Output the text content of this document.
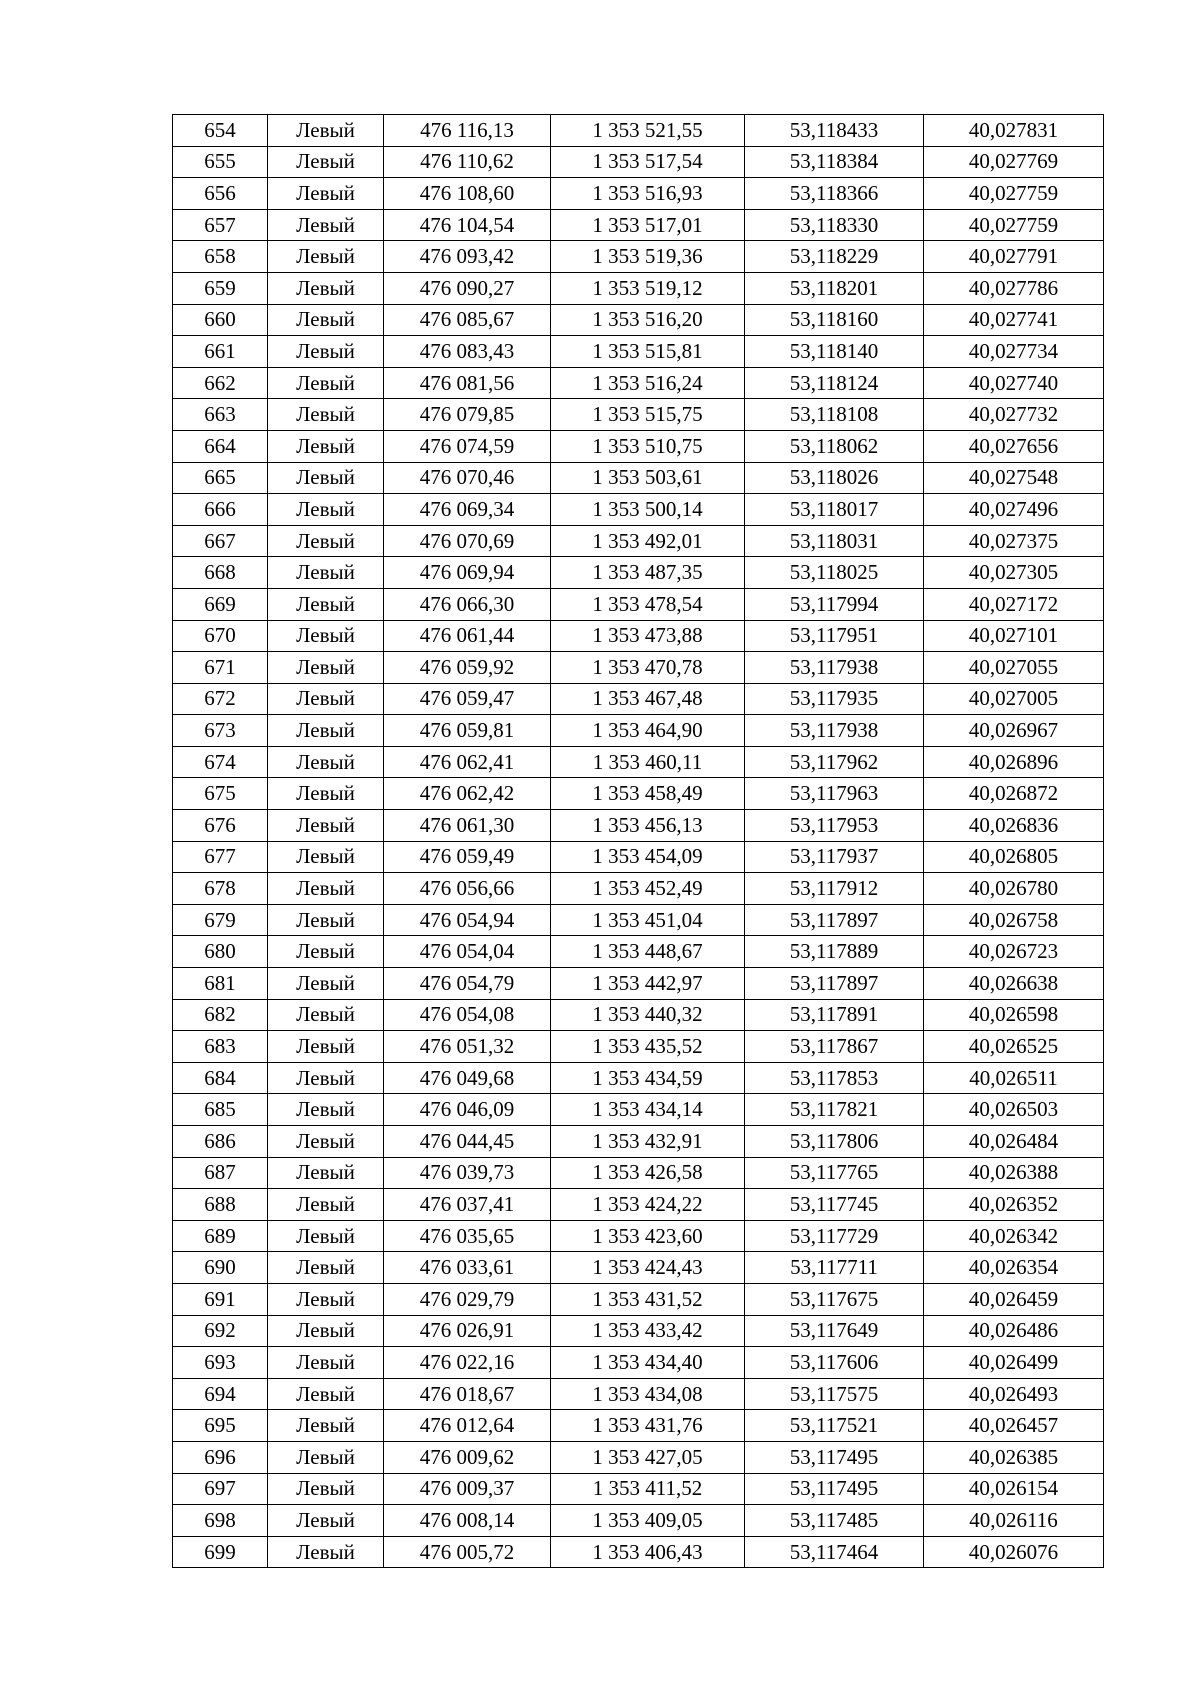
654	Левый	476 116,13	1 353 521,55	53,118433	40,027831
655	Левый	476 110,62	1 353 517,54	53,118384	40,027769
656	Левый	476 108,60	1 353 516,93	53,118366	40,027759
657	Левый	476 104,54	1 353 517,01	53,118330	40,027759
658	Левый	476 093,42	1 353 519,36	53,118229	40,027791
659	Левый	476 090,27	1 353 519,12	53,118201	40,027786
660	Левый	476 085,67	1 353 516,20	53,118160	40,027741
661	Левый	476 083,43	1 353 515,81	53,118140	40,027734
662	Левый	476 081,56	1 353 516,24	53,118124	40,027740
663	Левый	476 079,85	1 353 515,75	53,118108	40,027732
664	Левый	476 074,59	1 353 510,75	53,118062	40,027656
665	Левый	476 070,46	1 353 503,61	53,118026	40,027548
666	Левый	476 069,34	1 353 500,14	53,118017	40,027496
667	Левый	476 070,69	1 353 492,01	53,118031	40,027375
668	Левый	476 069,94	1 353 487,35	53,118025	40,027305
669	Левый	476 066,30	1 353 478,54	53,117994	40,027172
670	Левый	476 061,44	1 353 473,88	53,117951	40,027101
671	Левый	476 059,92	1 353 470,78	53,117938	40,027055
672	Левый	476 059,47	1 353 467,48	53,117935	40,027005
673	Левый	476 059,81	1 353 464,90	53,117938	40,026967
674	Левый	476 062,41	1 353 460,11	53,117962	40,026896
675	Левый	476 062,42	1 353 458,49	53,117963	40,026872
676	Левый	476 061,30	1 353 456,13	53,117953	40,026836
677	Левый	476 059,49	1 353 454,09	53,117937	40,026805
678	Левый	476 056,66	1 353 452,49	53,117912	40,026780
679	Левый	476 054,94	1 353 451,04	53,117897	40,026758
680	Левый	476 054,04	1 353 448,67	53,117889	40,026723
681	Левый	476 054,79	1 353 442,97	53,117897	40,026638
682	Левый	476 054,08	1 353 440,32	53,117891	40,026598
683	Левый	476 051,32	1 353 435,52	53,117867	40,026525
684	Левый	476 049,68	1 353 434,59	53,117853	40,026511
685	Левый	476 046,09	1 353 434,14	53,117821	40,026503
686	Левый	476 044,45	1 353 432,91	53,117806	40,026484
687	Левый	476 039,73	1 353 426,58	53,117765	40,026388
688	Левый	476 037,41	1 353 424,22	53,117745	40,026352
689	Левый	476 035,65	1 353 423,60	53,117729	40,026342
690	Левый	476 033,61	1 353 424,43	53,117711	40,026354
691	Левый	476 029,79	1 353 431,52	53,117675	40,026459
692	Левый	476 026,91	1 353 433,42	53,117649	40,026486
693	Левый	476 022,16	1 353 434,40	53,117606	40,026499
694	Левый	476 018,67	1 353 434,08	53,117575	40,026493
695	Левый	476 012,64	1 353 431,76	53,117521	40,026457
696	Левый	476 009,62	1 353 427,05	53,117495	40,026385
697	Левый	476 009,37	1 353 411,52	53,117495	40,026154
698	Левый	476 008,14	1 353 409,05	53,117485	40,026116
699	Левый	476 005,72	1 353 406,43	53,117464	40,026076
